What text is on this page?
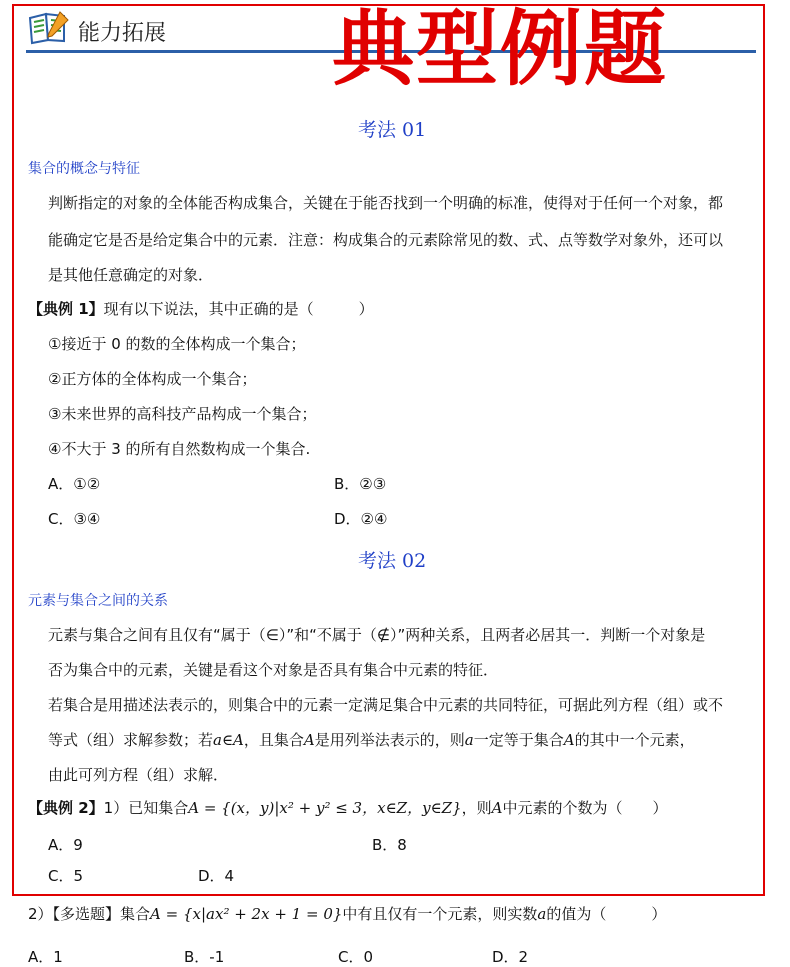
能力拓展 典型例题
考法 01
集合的概念与特征
判断指定的对象的全体能否构成集合，关键在于能否找到一个明确的标准，使得对于任何一个对象，都
能确定它是否是给定集合中的元素．注意：构成集合的元素除常见的数、式、点等数学对象外，还可以
是其他任意确定的对象．
【典例 1】现有以下说法，其中正确的是（　　　）
①接近于 0 的数的全体构成一个集合；
②正方体的全体构成一个集合；
③未来世界的高科技产品构成一个集合；
④不大于 3 的所有自然数构成一个集合.
A．①②	B．②③
C．③④	D．②④
考法 02
元素与集合之间的关系
元素与集合之间有且仅有“属于（∈）”和“不属于（∉）”两种关系，且两者必居其一．判断一个对象是
否为集合中的元素，关键是看这个对象是否具有集合中元素的特征．
若集合是用描述法表示的，则集合中的元素一定满足集合中元素的共同特征，可据此列方程（组）或不
等式（组）求解参数；若a∈A，且集合A是用列举法表示的，则a一定等于集合A的其中一个元素，
由此可列方程（组）求解．
【典例 2】1）已知集合A = {(x，y)|x² + y² ≤ 3，x∈Z，y∈Z}，则A中元素的个数为（　　）
A．9	B．8
C．5	D．4
2）【多选题】集合A = {x|ax² + 2x + 1 = 0}中有且仅有一个元素，则实数a的值为（　　　）
A．1	B．-1	C．0	D．2
